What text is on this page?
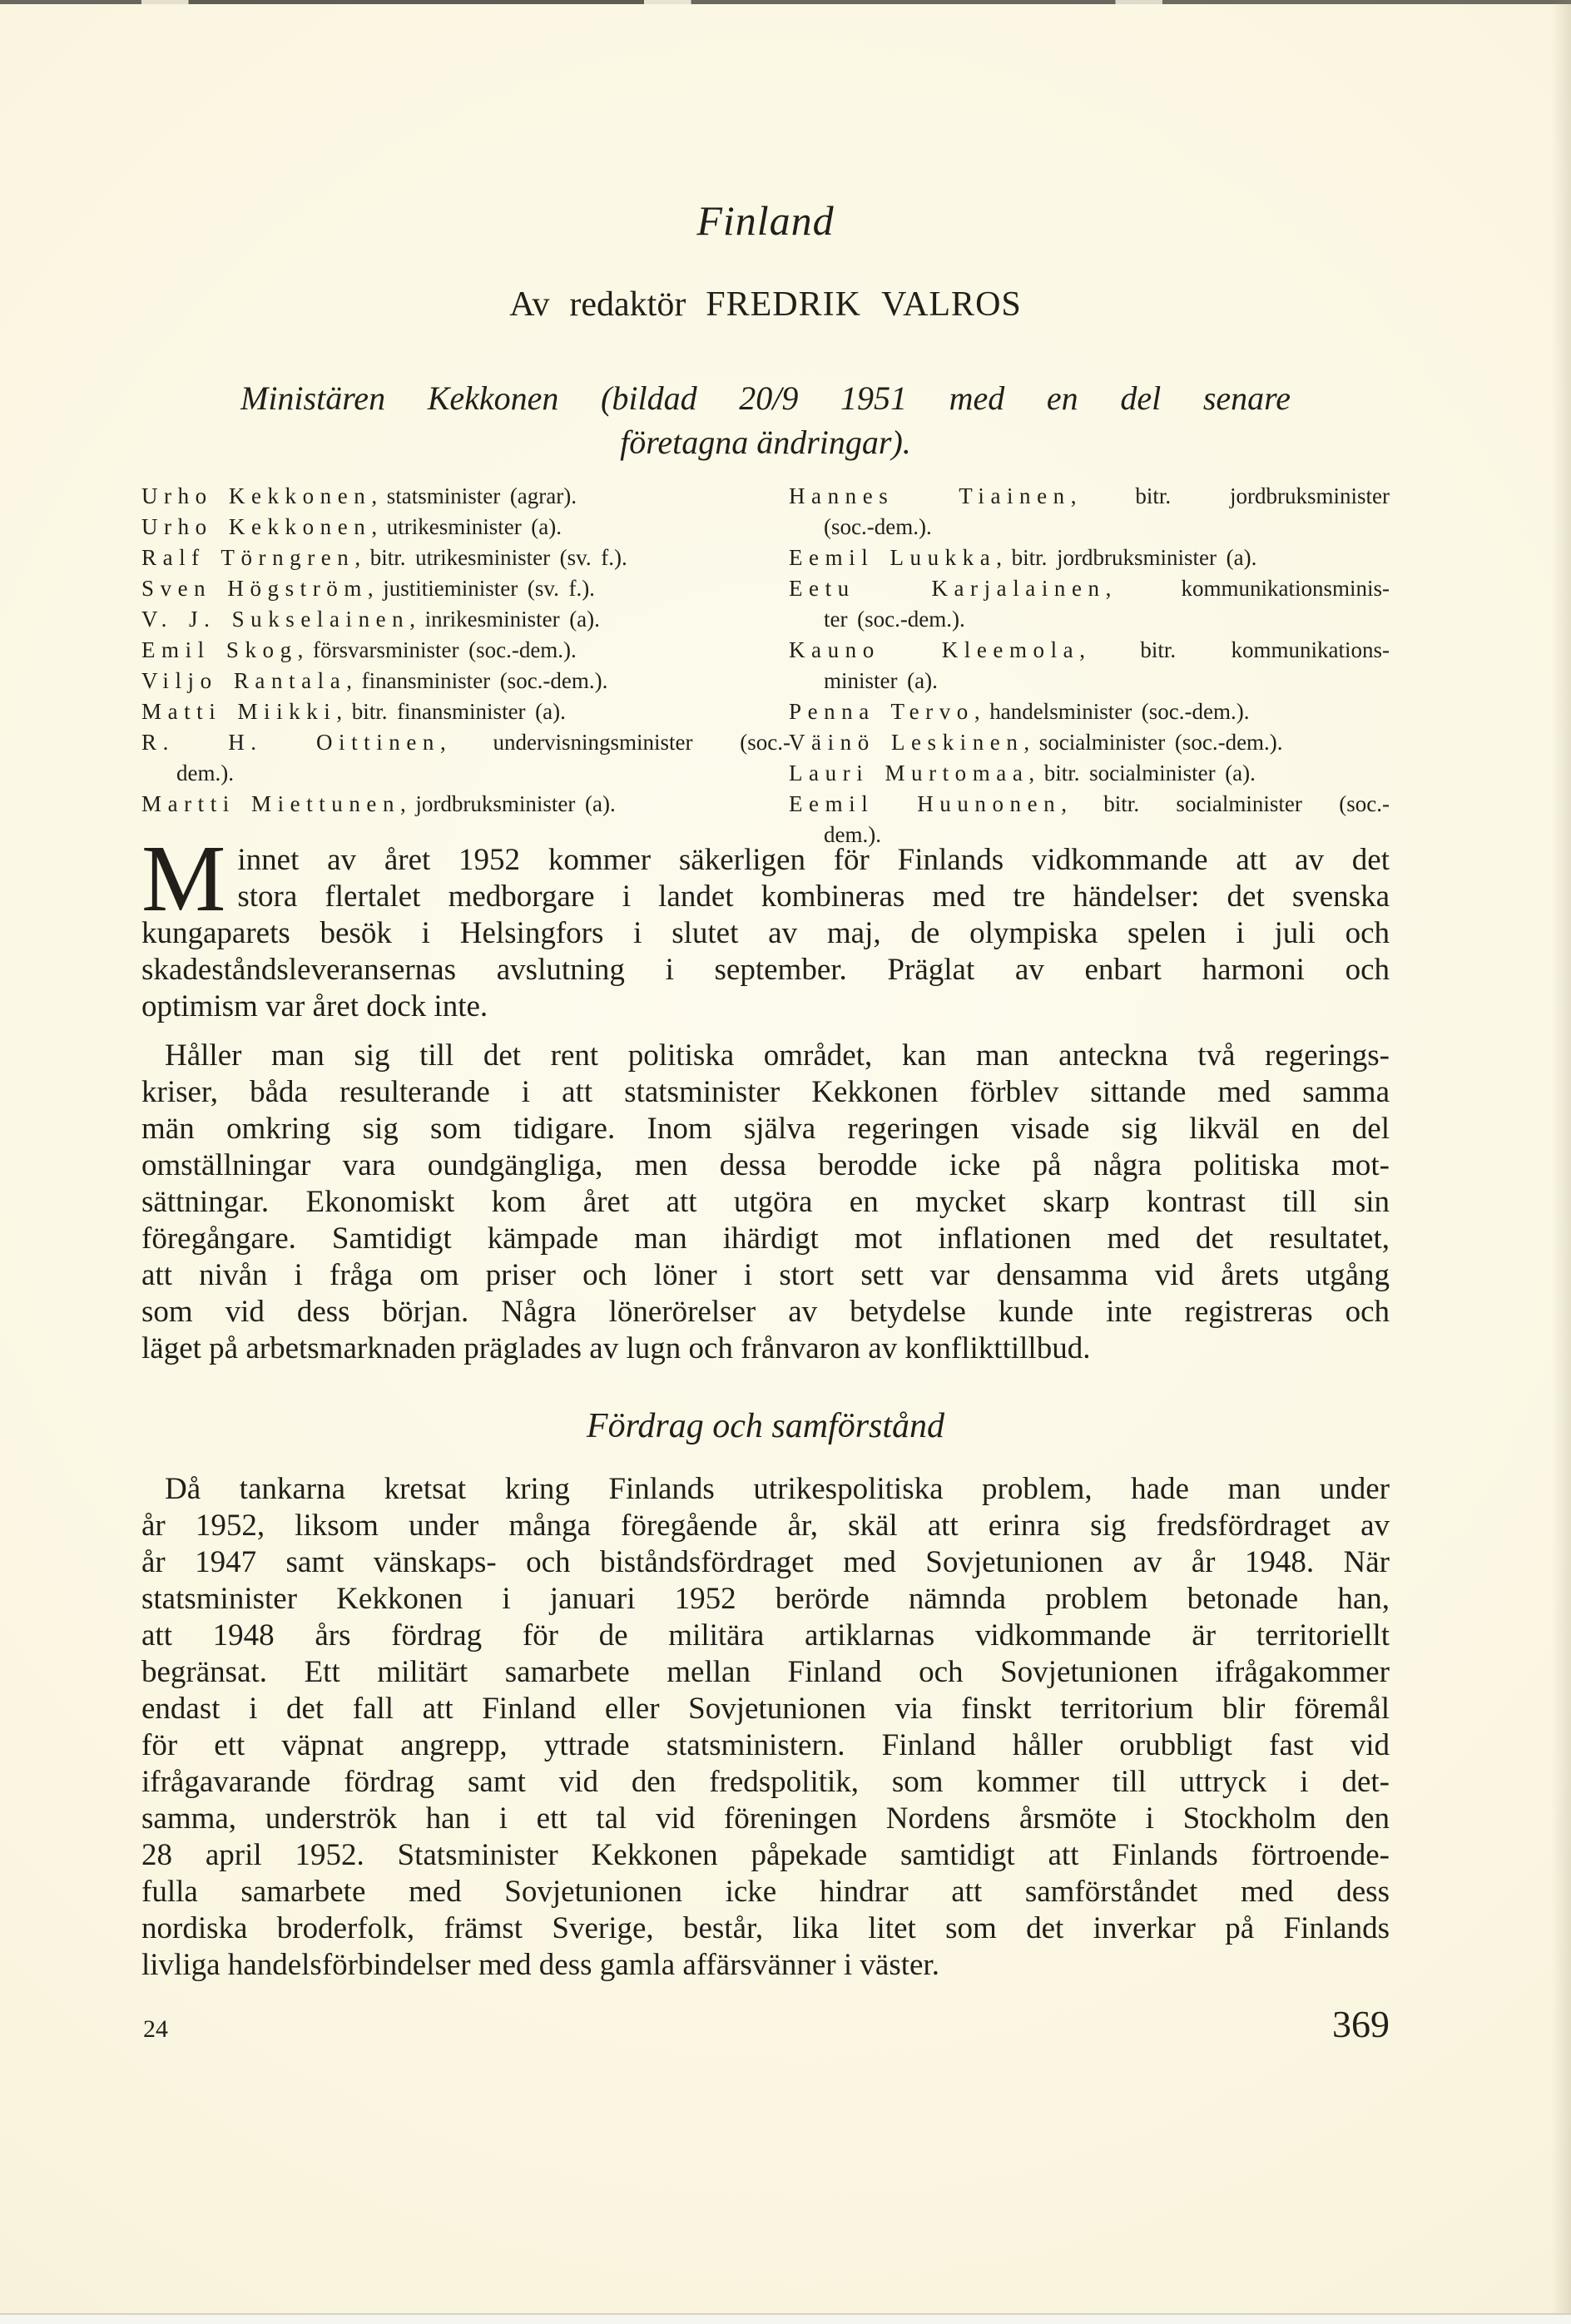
Finland
Av redaktör FREDRIK VALROS
Ministären Kekkonen (bildad 20/9 1951 med en del senare
företagna ändringar).
Urho Kekkonen, statsminister (agrar).
Urho Kekkonen, utrikesminister (a).
Ralf Törngren, bitr. utrikesminister (sv. f.).
Sven Högström, justitieminister (sv. f.).
V. J. Sukselainen, inrikesminister (a).
Emil Skog, försvarsminister (soc.-dem.).
Viljo Rantala, finansminister (soc.-dem.).
Matti Miikki, bitr. finansminister (a).
R. H. Oittinen, undervisningsminister (soc.-
dem.).
Martti Miettunen, jordbruksminister (a).
Hannes Tiainen, bitr. jordbruksminister
(soc.-dem.).
Eemil Luukka, bitr. jordbruksminister (a).
Eetu Karjalainen, kommunikationsminis-
ter (soc.-dem.).
Kauno Kleemola, bitr. kommunikations-
minister (a).
Penna Tervo, handelsminister (soc.-dem.).
Väinö Leskinen, socialminister (soc.-dem.).
Lauri Murtomaa, bitr. socialminister (a).
Eemil Huunonen, bitr. socialminister (soc.-
dem.).
M innet av året 1952 kommer säkerligen för Finlands vidkommande att av det
stora flertalet medborgare i landet kombineras med tre händelser: det svenska
kungaparets besök i Helsingfors i slutet av maj, de olympiska spelen i juli och
skadeståndsleveransernas avslutning i september. Präglat av enbart harmoni och
optimism var året dock inte.
Håller man sig till det rent politiska området, kan man anteckna två regerings-
kriser, båda resulterande i att statsminister Kekkonen förblev sittande med samma
män omkring sig som tidigare. Inom själva regeringen visade sig likväl en del
omställningar vara oundgängliga, men dessa berodde icke på några politiska mot-
sättningar. Ekonomiskt kom året att utgöra en mycket skarp kontrast till sin
föregångare. Samtidigt kämpade man ihärdigt mot inflationen med det resultatet,
att nivån i fråga om priser och löner i stort sett var densamma vid årets utgång
som vid dess början. Några lönerörelser av betydelse kunde inte registreras och
läget på arbetsmarknaden präglades av lugn och frånvaron av konflikttillbud.
Fördrag och samförstånd
Då tankarna kretsat kring Finlands utrikespolitiska problem, hade man under
år 1952, liksom under många föregående år, skäl att erinra sig fredsfördraget av
år 1947 samt vänskaps- och biståndsfördraget med Sovjetunionen av år 1948. När
statsminister Kekkonen i januari 1952 berörde nämnda problem betonade han,
att 1948 års fördrag för de militära artiklarnas vidkommande är territoriellt
begränsat. Ett militärt samarbete mellan Finland och Sovjetunionen ifrågakommer
endast i det fall att Finland eller Sovjetunionen via finskt territorium blir föremål
för ett väpnat angrepp, yttrade statsministern. Finland håller orubbligt fast vid
ifrågavarande fördrag samt vid den fredspolitik, som kommer till uttryck i det-
samma, underströk han i ett tal vid föreningen Nordens årsmöte i Stockholm den
28 april 1952. Statsminister Kekkonen påpekade samtidigt att Finlands förtroende-
fulla samarbete med Sovjetunionen icke hindrar att samförståndet med dess
nordiska broderfolk, främst Sverige, består, lika litet som det inverkar på Finlands
livliga handelsförbindelser med dess gamla affärsvänner i väster.
24	369
